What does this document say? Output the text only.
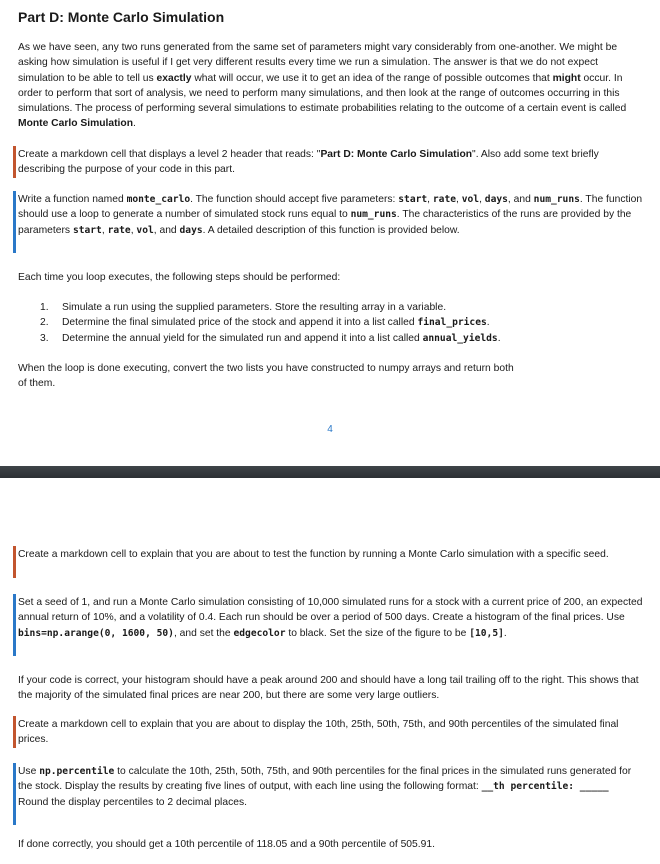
Part D: Monte Carlo Simulation

As we have seen, any two runs generated from the same set of parameters might vary considerably from one-another. We might be asking how simulation is useful if I get very different results every time we run a simulation. The answer is that we do not expect simulation to be able to tell us exactly what will occur, we use it to get an idea of the range of possible outcomes that might occur. In order to perform that sort of analysis, we need to perform many simulations, and then look at the range of outcomes occurring in this simulations. The process of performing several simulations to estimate probabilities relating to the outcome of a certain event is called Monte Carlo Simulation.

Create a markdown cell that displays a level 2 header that reads: "Part D: Monte Carlo Simulation". Also add some text briefly describing the purpose of your code in this part.

Write a function named monte_carlo. The function should accept five parameters: start, rate, vol, days, and num_runs. The function should use a loop to generate a number of simulated stock runs equal to num_runs. The characteristics of the runs are provided by the parameters start, rate, vol, and days. A detailed description of this function is provided below.

Each time you loop executes, the following steps should be performed:

1. Simulate a run using the supplied parameters. Store the resulting array in a variable.
2. Determine the final simulated price of the stock and append it into a list called final_prices.
3. Determine the annual yield for the simulated run and append it into a list called annual_yields.

When the loop is done executing, convert the two lists you have constructed to numpy arrays and return both of them.

4

Create a markdown cell to explain that you are about to test the function by running a Monte Carlo simulation with a specific seed.

Set a seed of 1, and run a Monte Carlo simulation consisting of 10,000 simulated runs for a stock with a current price of 200, an expected annual return of 10%, and a volatility of 0.4. Each run should be over a period of 500 days. Create a histogram of the final prices. Use bins=np.arange(0, 1600, 50), and set the edgecolor to black. Set the size of the figure to be [10,5].

If your code is correct, your histogram should have a peak around 200 and should have a long tail trailing off to the right. This shows that the majority of the simulated final prices are near 200, but there are some very large outliers.

Create a markdown cell to explain that you are about to display the 10th, 25th, 50th, 75th, and 90th percentiles of the simulated final prices.

Use np.percentile to calculate the 10th, 25th, 50th, 75th, and 90th percentiles for the final prices in the simulated runs generated for the stock. Display the results by creating five lines of output, with each line using the following format: __th percentile: _____
Round the display percentiles to 2 decimal places.

If done correctly, you should get a 10th percentile of 118.05 and a 90th percentile of 505.91.
